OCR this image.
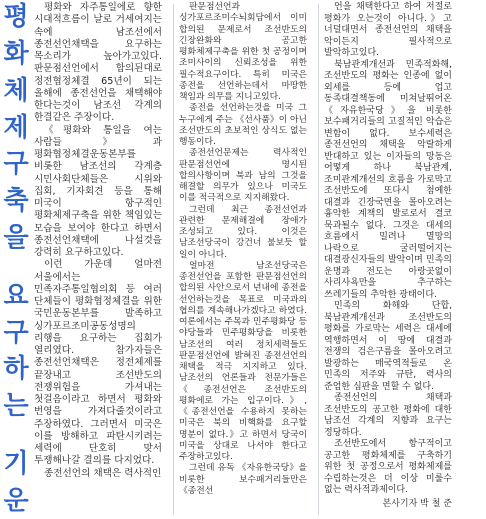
평
화
체
제
구
축
을
요
구
하
는
기
운

평화와 자주통일에로 향한 시대적흐름이 날로 거세여지는 속에 남조선에서 종전선언채택을 요구하는 목소리가 높아가고있다. 판문점선언에서 합의된대로 정전협정체결 65년이 되는 올해에 종전선언을 채택해야 한다는것이 남조선 각계의 한결같은 주장이다.

《평화와 통일을 여는 사람들》과 평화협정체결운동본부를 비롯한 남조선의 각계층 시민사회단체들은 시위와 집회, 기자회견 등을 통해 미국이 항구적인 평화체제구축을 위한 책임있는 모습을 보여야 한다고 하면서 종전선언채택에 나설것을 강력히 요구하고있다.

이런 가운데 얼마전 서울에서는 민족자주통일협의회 등 여러 단체들이 평화협정체결을 위한 국민운동본부를 발족하고 싱가포르조미공동성명의 리행을 요구하는 집회가 열리였다. 참가자들은 종전선언채택은 정전체제를 끝장내고 조선반도의 전쟁위험을 가셔내는 첫걸음이라고 하면서 평화와 번영을 가져다줄것이라고 주장하였다. 그러면서 미국은 이를 방해하고 파탄시키려는 세력에 단호히 맞서 투쟁해나갈 결의를 다지었다.

종전선언의 채택은 력사적인

판문점선언과 싱가포르조미수뇌회담에서 이미 합의된 문제로서 조선반도의 긴장완화와 공고한 평화체제구축을 위한 첫 공정이며 조미사이의 신뢰조성을 위한 필수적요구이다. 특히 미국은 종전을 선언하는데서 마땅한 책임과 의무를 지니고있다.

종전을 선언하는것을 미국 그 누구에게 주는 《선사품》이 아닌 조선반도의 초보적인 상식도 없는 행동이다.

종전선언문제는 력사적인 판문점선언에 명시된 합의사항이며 북과 남의 그것을 해결할 의무가 있으나 미국도 이를 적극적으로 지지해왔다.

그런데 최근 종전선언과 관련한 문제해결에 장애가 조성되고 있다. 이것은 남조선당국이 강건너 불보듯 할 일이 아니다.

얼마전 남조선당국은 종전선언을 포함한 판문점선언의 합의된 사안으로서 년내에 종전을 선언하는것을 목표로 미국과의 협의를 계속해나가겠다고 하였다. 여론에서는 주목과 민주평화당 등 야당들과 민주평화당을 비롯한 남조선의 여러 정치세력들도 판문점선언에 밝혀진 종전선언의 채택을 적극 지지하고 있다. 남조선의 언론들과 전문가들은 《종전선언은 조선반도의 평화에로 가는 입구이다.》, 《종전선언을 수용하지 못하는 미국은 북의 비핵화를 요구할 명분이 없다.》고 하면서 당국이 미국을 상대로 나서야 한다고 주장하고있다.

그런데 유독 《자유한국당》을 비롯한 보수패거리들만은 《종전선

언을 채택한다고 하여 저절로 평화가 오는것이 아니다.》고 너덜대면서 종전선언의 채택을 악이든지 필사적으로 발악하고있다.

북남관계개선과 민족적화해, 조선반도의 평화는 인종에 없이 외세를 등에 업고 동족대결책동에 미쳐날뛰어온 《자유한국당》을 비롯한 보수패거리들의 고질적인 악습은 변함이 없다. 보수세력은 종전선언의 채택을 악랄하게 반대하고 있는 이자들의 망동은 어떻게 하나 북남관계, 조미관계개선의 흐름을 가로막고 조선반도에 또다시 첨예한 대결과 긴장국면을 몰아오려는 흉악한 계책의 발로로서 결코 묵과될수 없다. 그것은 대세의 흐름에서 밀려나 멸망의 나락으로 굴러떨어지는 대결광신자들의 발악이며 민족의 운명과 전도는 아랑곳없이 사리사욕만을 추구하는 쓰레기들의 추악한 광태이다.

민족의 화해와 단합, 북남관계개선과 조선반도의 평화를 가로막는 세력은 대세에 역행하면서 이 땅에 대결과 전쟁의 검은구름을 몰아오려고 발광하는 매국역적들로 온 민족의 저주와 규탄, 력사의 준엄한 심판을 면할 수 없다.

종전선언의 채택과 조선반도의 공고한 평화에 대한 남조선 각계의 지향과 요구는 정당하다.

조선반도에서 항구적이고 공고한 평화체제를 구축하기 위한 첫 공정으로서 평화체제를 수립하는것은 더 이상 미룰수 없는 력사적과제이다.

본사기자 박 철 준
